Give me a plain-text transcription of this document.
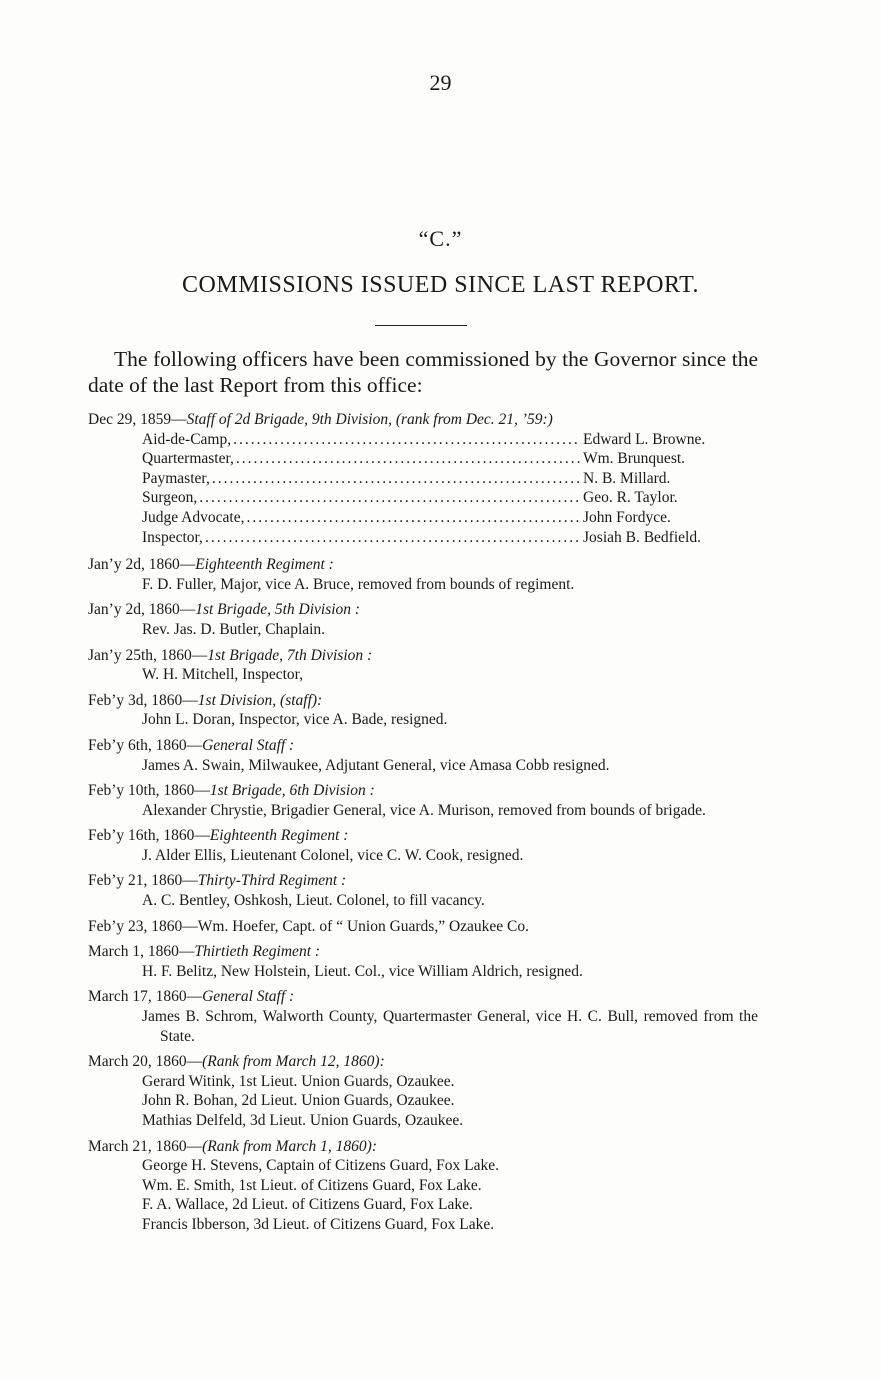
29
“C.”
COMMISSIONS ISSUED SINCE LAST REPORT.
The following officers have been commissioned by the Governor since the date of the last Report from this office:
Dec 29, 1859—Staff of 2d Brigade, 9th Division, (rank from Dec. 21, ’59:)
Aid-de-Camp, .....	Edward L. Browne.
Quartermaster, .....	Wm. Brunquest.
Paymaster, .....	N. B. Millard.
Surgeon, .....	Geo. R. Taylor.
Judge Advocate, .....	John Fordyce.
Inspector, .....	Josiah B. Bedfield.
Jan’y 2d, 1860—Eighteenth Regiment :
F. D. Fuller, Major, vice A. Bruce, removed from bounds of regiment.
Jan’y 2d, 1860—1st Brigade, 5th Division :
Rev. Jas. D. Butler, Chaplain.
Jan’y 25th, 1860—1st Brigade, 7th Division :
W. H. Mitchell, Inspector,
Feb’y 3d, 1860—1st Division, (staff):
John L. Doran, Inspector, vice A. Bade, resigned.
Feb’y 6th, 1860—General Staff :
James A. Swain, Milwaukee, Adjutant General, vice Amasa Cobb resigned.
Feb’y 10th, 1860—1st Brigade, 6th Division :
Alexander Chrystie, Brigadier General, vice A. Murison, removed from bounds of brigade.
Feb’y 16th, 1860—Eighteenth Regiment :
J. Alder Ellis, Lieutenant Colonel, vice C. W. Cook, resigned.
Feb’y 21, 1860—Thirty-Third Regiment :
A. C. Bentley, Oshkosh, Lieut. Colonel, to fill vacancy.
Feb’y 23, 1860—Wm. Hoefer, Capt. of “ Union Guards,” Ozaukee Co.
March 1, 1860—Thirtieth Regiment :
H. F. Belitz, New Holstein, Lieut. Col., vice William Aldrich, resigned.
March 17, 1860—General Staff :
James B. Schrom, Walworth County, Quartermaster General, vice H. C. Bull, removed from the State.
March 20, 1860—(Rank from March 12, 1860):
Gerard Witink, 1st Lieut. Union Guards, Ozaukee.
John R. Bohan, 2d Lieut. Union Guards, Ozaukee.
Mathias Delfeld, 3d Lieut. Union Guards, Ozaukee.
March 21, 1860—(Rank from March 1, 1860):
George H. Stevens, Captain of Citizens Guard, Fox Lake.
Wm. E. Smith, 1st Lieut. of Citizens Guard, Fox Lake.
F. A. Wallace, 2d Lieut. of Citizens Guard, Fox Lake.
Francis Ibberson, 3d Lieut. of Citizens Guard, Fox Lake.
